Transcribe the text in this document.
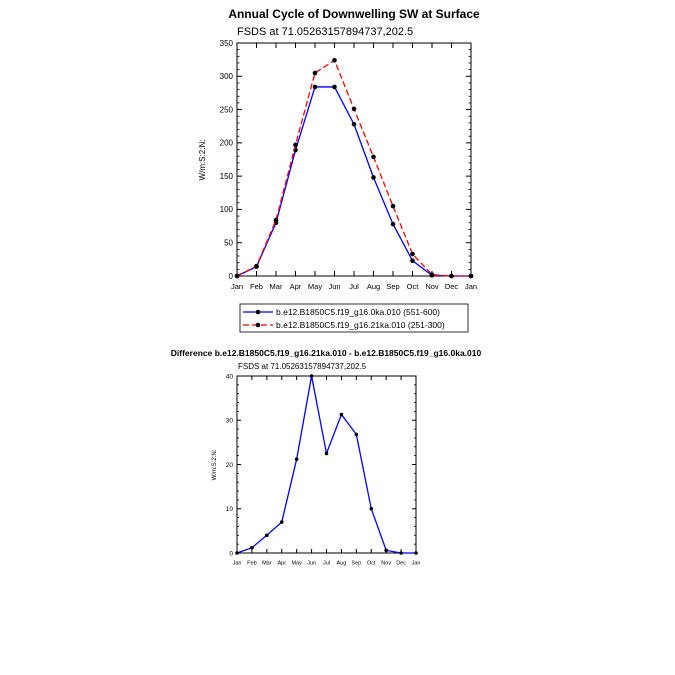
Annual Cycle of Downwelling SW at Surface
FSDS at 71.05263157894737,202.5
W/m:S:2:N:
0
50
100
150
200
250
300
350
Jan Feb Mar Apr May Jun Jul Aug Sep Oct Nov Dec Jan
b.e12.B1850C5.f19_g16.0ka.010 (551-600)
b.e12.B1850C5.f19_g16.21ka.010 (251-300)
Difference b.e12.B1850C5.f19_g16.21ka.010 - b.e12.B1850C5.f19_g16.0ka.010
FSDS at 71.05263157894737,202.5
W/m:S:2:N:
0
10
20
30
40
Jan Feb Mar Apr May Jun Jul Aug Sep Oct Nov Dec Jan
